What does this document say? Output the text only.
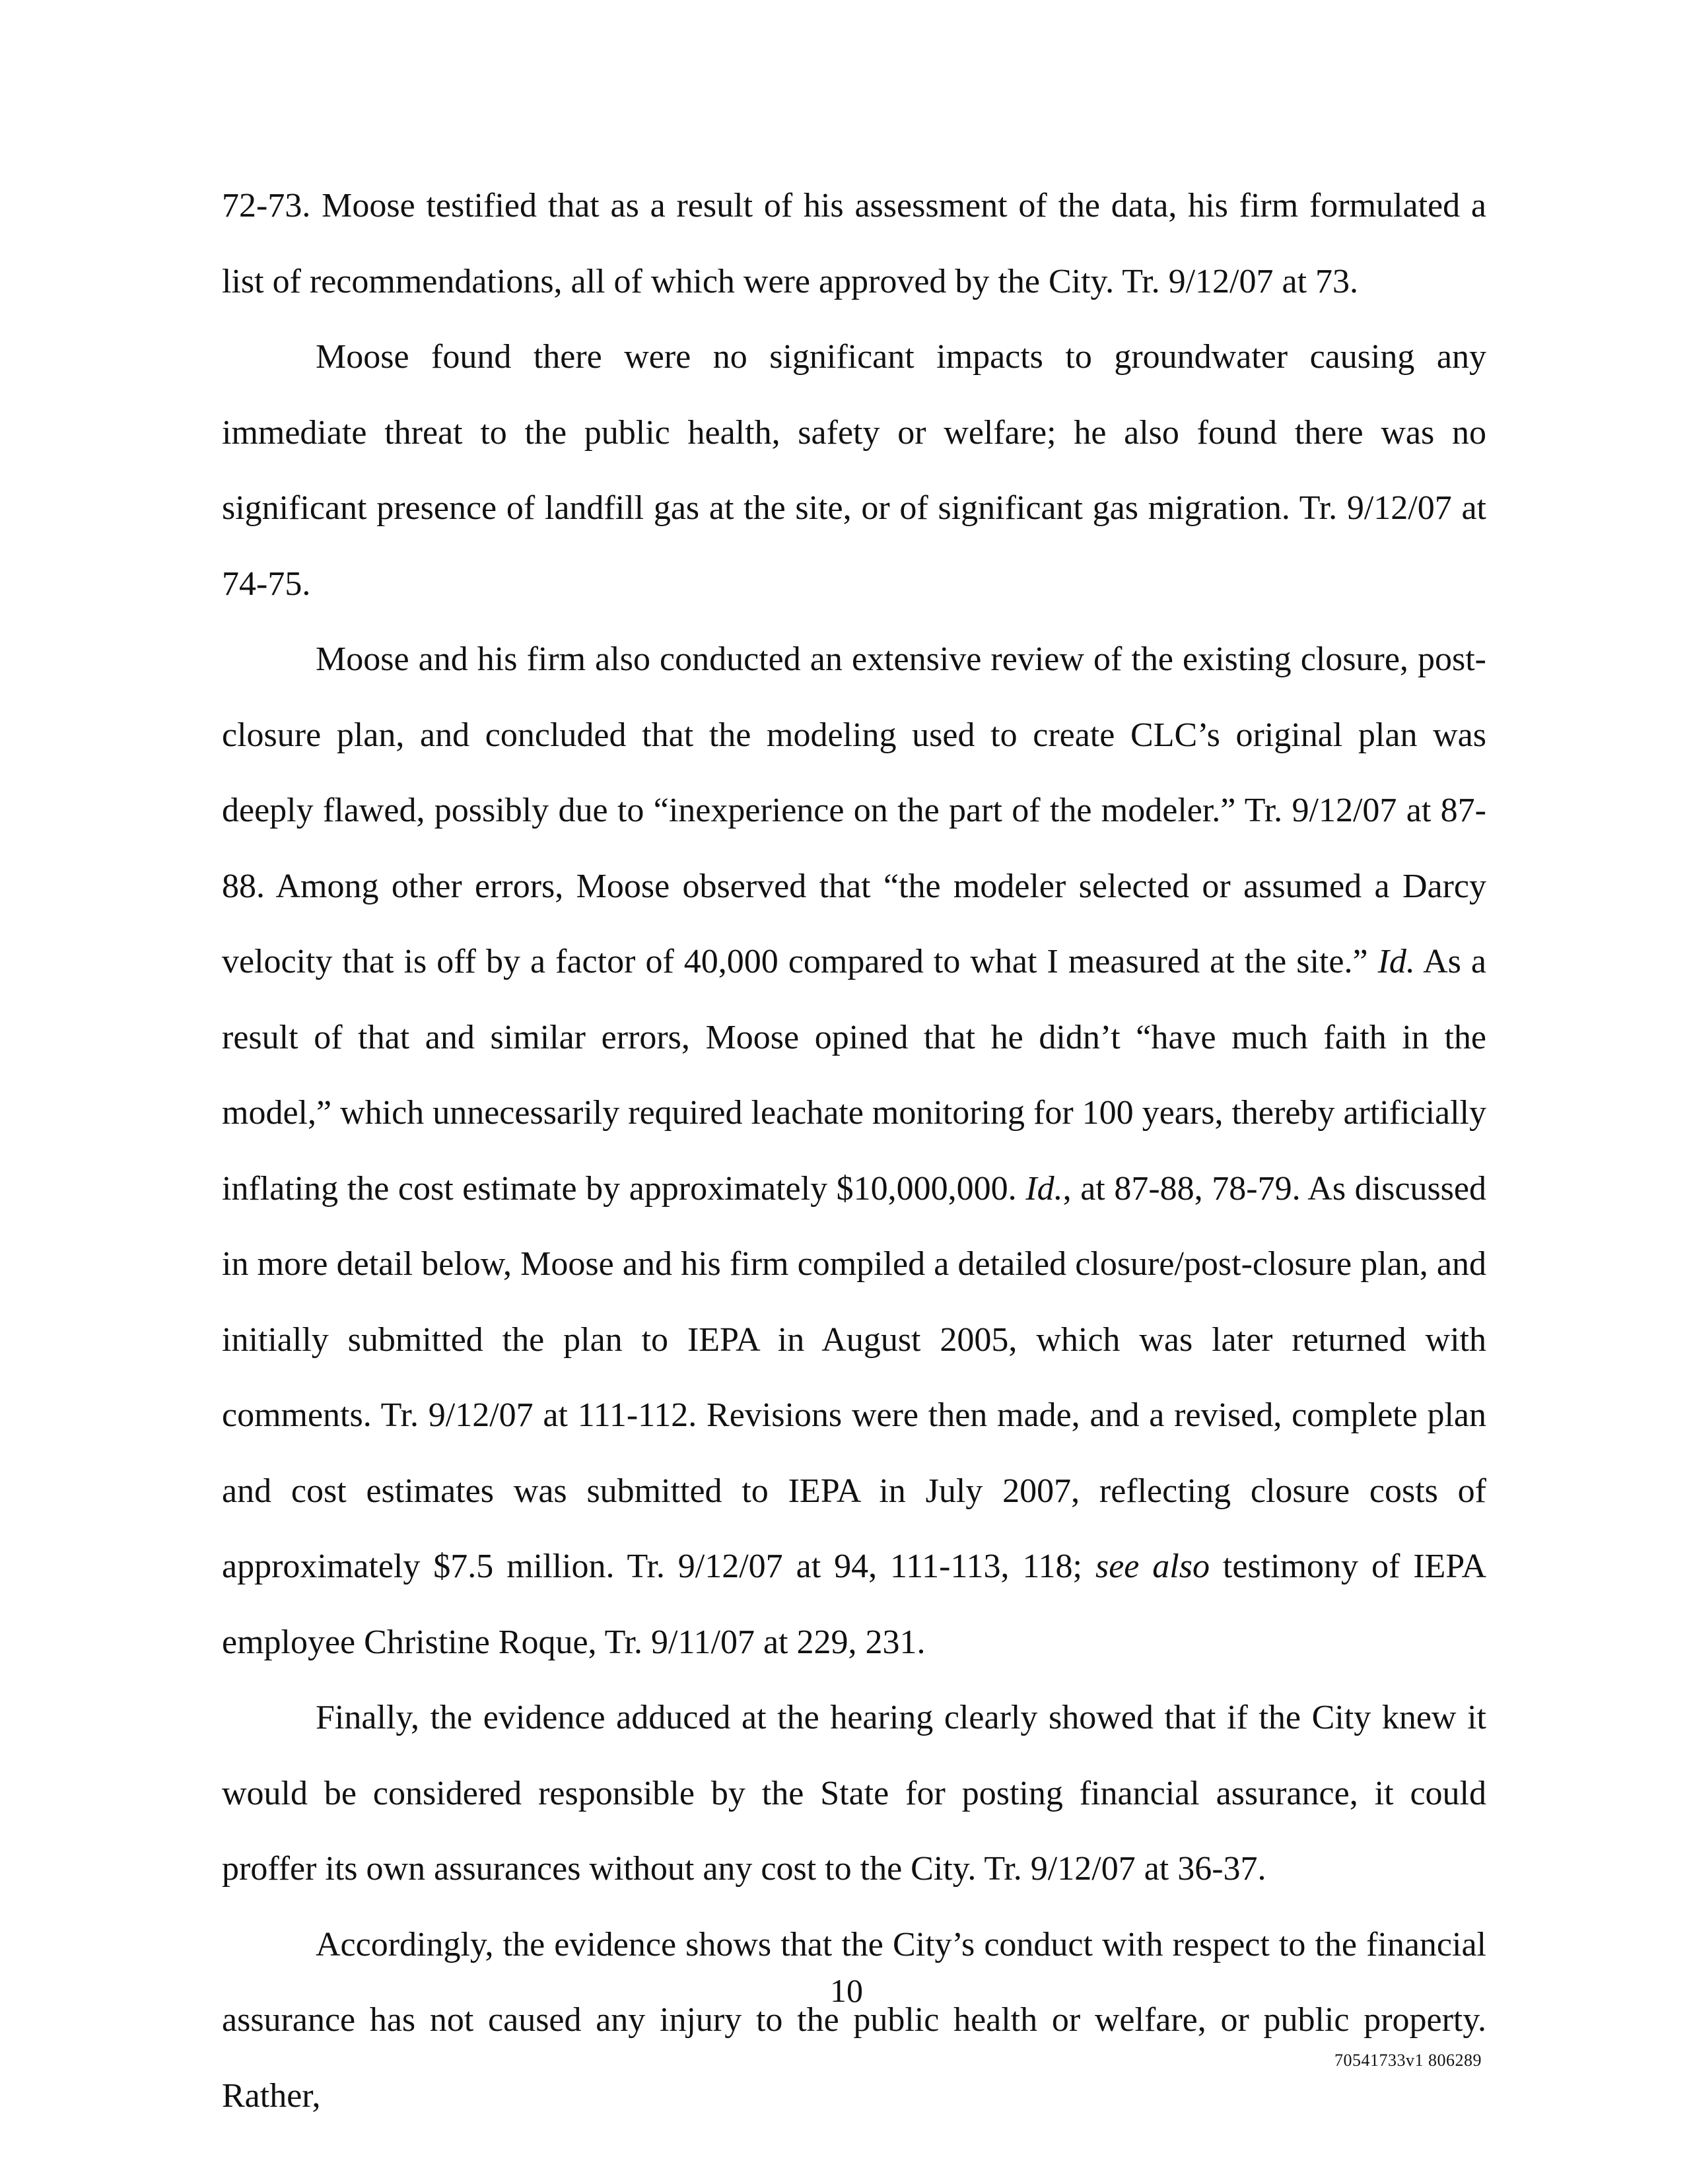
72-73. Moose testified that as a result of his assessment of the data, his firm formulated a list of recommendations, all of which were approved by the City. Tr. 9/12/07 at 73.

Moose found there were no significant impacts to groundwater causing any immediate threat to the public health, safety or welfare; he also found there was no significant presence of landfill gas at the site, or of significant gas migration. Tr. 9/12/07 at 74-75.

Moose and his firm also conducted an extensive review of the existing closure, post-closure plan, and concluded that the modeling used to create CLC’s original plan was deeply flawed, possibly due to “inexperience on the part of the modeler.” Tr. 9/12/07 at 87-88. Among other errors, Moose observed that “the modeler selected or assumed a Darcy velocity that is off by a factor of 40,000 compared to what I measured at the site.” Id. As a result of that and similar errors, Moose opined that he didn’t “have much faith in the model,” which unnecessarily required leachate monitoring for 100 years, thereby artificially inflating the cost estimate by approximately $10,000,000. Id., at 87-88, 78-79. As discussed in more detail below, Moose and his firm compiled a detailed closure/post-closure plan, and initially submitted the plan to IEPA in August 2005, which was later returned with comments. Tr. 9/12/07 at 111-112. Revisions were then made, and a revised, complete plan and cost estimates was submitted to IEPA in July 2007, reflecting closure costs of approximately $7.5 million. Tr. 9/12/07 at 94, 111-113, 118; see also testimony of IEPA employee Christine Roque, Tr. 9/11/07 at 229, 231.

Finally, the evidence adduced at the hearing clearly showed that if the City knew it would be considered responsible by the State for posting financial assurance, it could proffer its own assurances without any cost to the City. Tr. 9/12/07 at 36-37.

Accordingly, the evidence shows that the City’s conduct with respect to the financial assurance has not caused any injury to the public health or welfare, or public property. Rather,

10
70541733v1 806289
